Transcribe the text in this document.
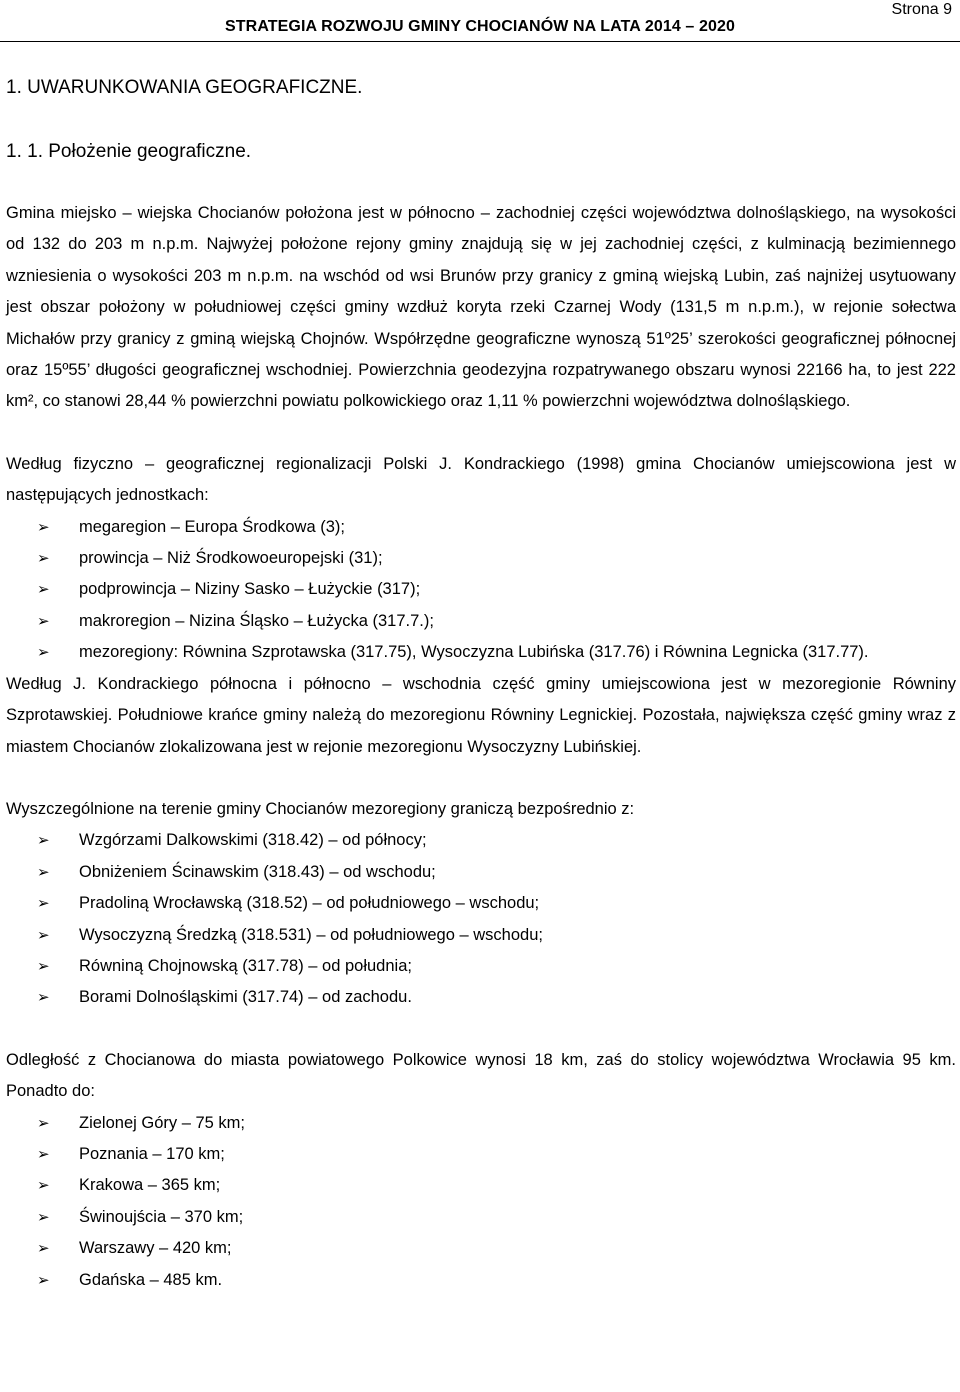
Strona 9
STRATEGIA ROZWOJU GMINY CHOCIANÓW NA LATA 2014 – 2020
1. UWARUNKOWANIA GEOGRAFICZNE.
1. 1. Położenie geograficzne.

Gmina miejsko – wiejska Chocianów położona jest w północno – zachodniej części województwa dolnośląskiego, na wysokości od 132 do 203 m n.p.m. Najwyżej położone rejony gminy znajdują się w jej zachodniej części, z kulminacją bezimiennego wzniesienia o wysokości 203 m n.p.m. na wschód od wsi Brunów przy granicy z gminą wiejską Lubin, zaś najniżej usytuowany jest obszar położony w południowej części gminy wzdłuż koryta rzeki Czarnej Wody (131,5 m n.p.m.), w rejonie sołectwa Michałów przy granicy z gminą wiejską Chojnów. Współrzędne geograficzne wynoszą 51º25’ szerokości geograficznej północnej oraz 15º55’ długości geograficznej wschodniej. Powierzchnia geodezyjna rozpatrywanego obszaru wynosi 22166 ha, to jest 222 km², co stanowi 28,44 % powierzchni powiatu polkowickiego oraz 1,11 % powierzchni województwa dolnośląskiego.

Według fizyczno – geograficznej regionalizacji Polski J. Kondrackiego (1998) gmina Chocianów umiejscowiona jest w następujących jednostkach:

➢ megaregion – Europa Środkowa (3);
➢ prowincja – Niż Środkowoeuropejski (31);
➢ podprowincja – Niziny Sasko – Łużyckie (317);
➢ makroregion – Nizina Śląsko – Łużycka (317.7.);
➢ mezoregiony: Równina Szprotawska (317.75), Wysoczyzna Lubińska (317.76) i Równina Legnicka (317.77).

Według J. Kondrackiego północna i północno – wschodnia część gminy umiejscowiona jest w mezoregionie Równiny Szprotawskiej. Południowe krańce gminy należą do mezoregionu Równiny Legnickiej. Pozostała, największa część gminy wraz z miastem Chocianów zlokalizowana jest w rejonie mezoregionu Wysoczyzny Lubińskiej.

Wyszczególnione na terenie gminy Chocianów mezoregiony graniczą bezpośrednio z:

➢ Wzgórzami Dalkowskimi (318.42) – od północy;
➢ Obniżeniem Ścinawskim (318.43) – od wschodu;
➢ Pradoliną Wrocławską (318.52) – od południowego – wschodu;
➢ Wysoczyzną Średzką (318.531) – od południowego – wschodu;
➢ Równiną Chojnowską (317.78) – od południa;
➢ Borami Dolnośląskimi (317.74) – od zachodu.

Odległość z Chocianowa do miasta powiatowego Polkowice wynosi 18 km, zaś do stolicy województwa Wrocławia 95 km. Ponadto do:

➢ Zielonej Góry – 75 km;
➢ Poznania – 170 km;
➢ Krakowa – 365 km;
➢ Świnoujścia – 370 km;
➢ Warszawy – 420 km;
➢ Gdańska – 485 km.
